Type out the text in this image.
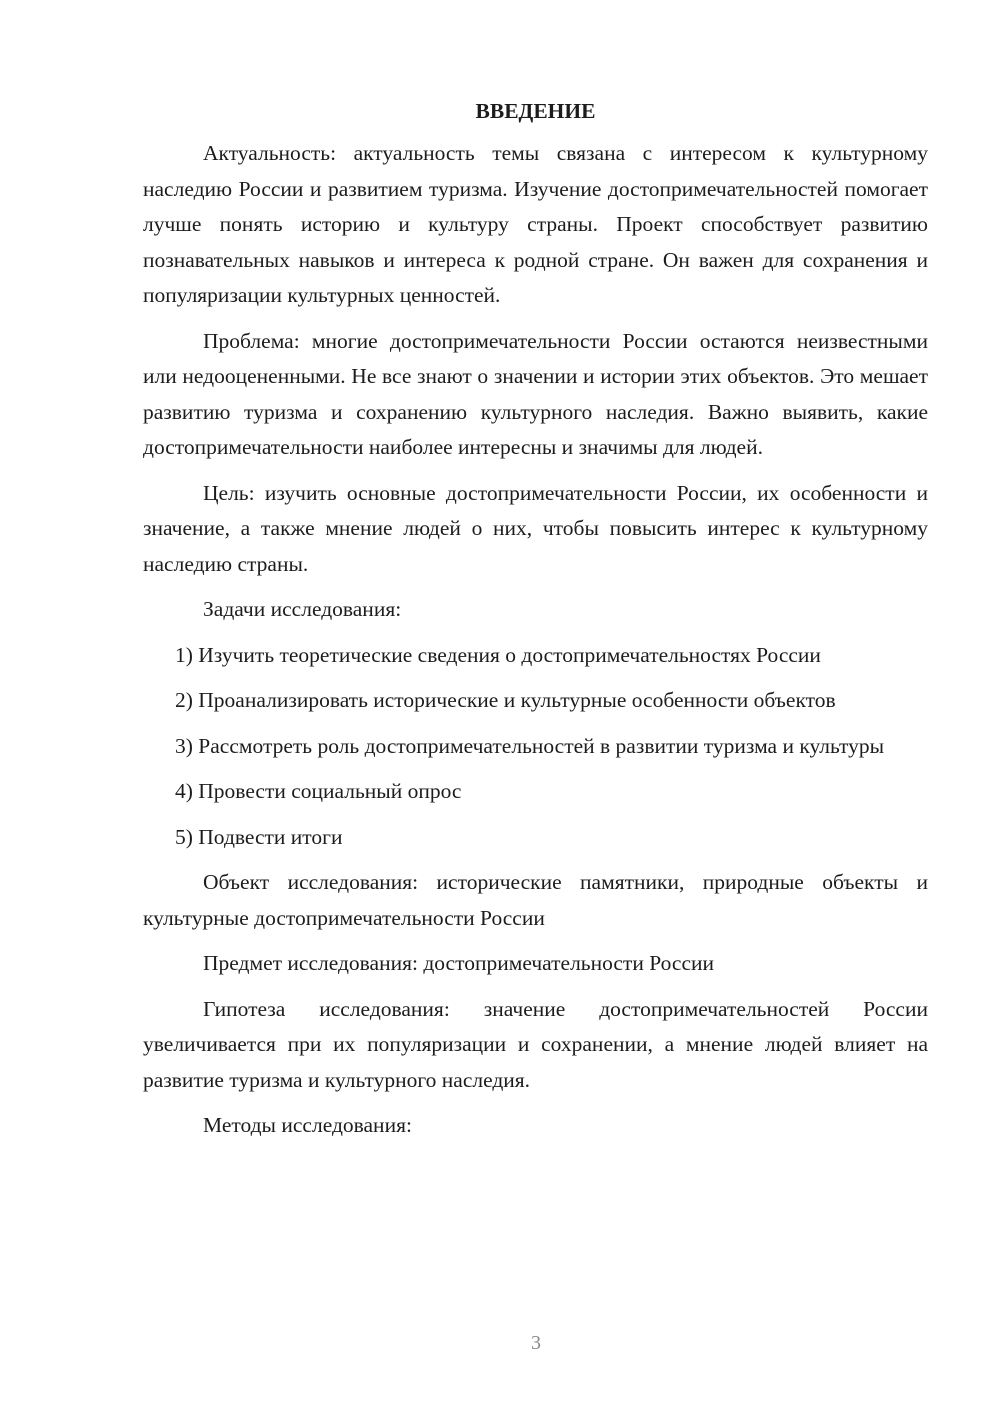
ВВЕДЕНИЕ

Актуальность: актуальность темы связана с интересом к культурному наследию России и развитием туризма. Изучение достопримечательностей помогает лучше понять историю и культуру страны. Проект способствует развитию познавательных навыков и интереса к родной стране. Он важен для сохранения и популяризации культурных ценностей.

Проблема: многие достопримечательности России остаются неизвестными или недооцененными. Не все знают о значении и истории этих объектов. Это мешает развитию туризма и сохранению культурного наследия. Важно выявить, какие достопримечательности наиболее интересны и значимы для людей.

Цель: изучить основные достопримечательности России, их особенности и значение, а также мнение людей о них, чтобы повысить интерес к культурному наследию страны.

Задачи исследования:

1) Изучить теоретические сведения о достопримечательностях России

2) Проанализировать исторические и культурные особенности объектов

3) Рассмотреть роль достопримечательностей в развитии туризма и культуры

4) Провести социальный опрос

5) Подвести итоги

Объект исследования: исторические памятники, природные объекты и культурные достопримечательности России

Предмет исследования: достопримечательности России

Гипотеза исследования: значение достопримечательностей России увеличивается при их популяризации и сохранении, а мнение людей влияет на развитие туризма и культурного наследия.

Методы исследования:

3
